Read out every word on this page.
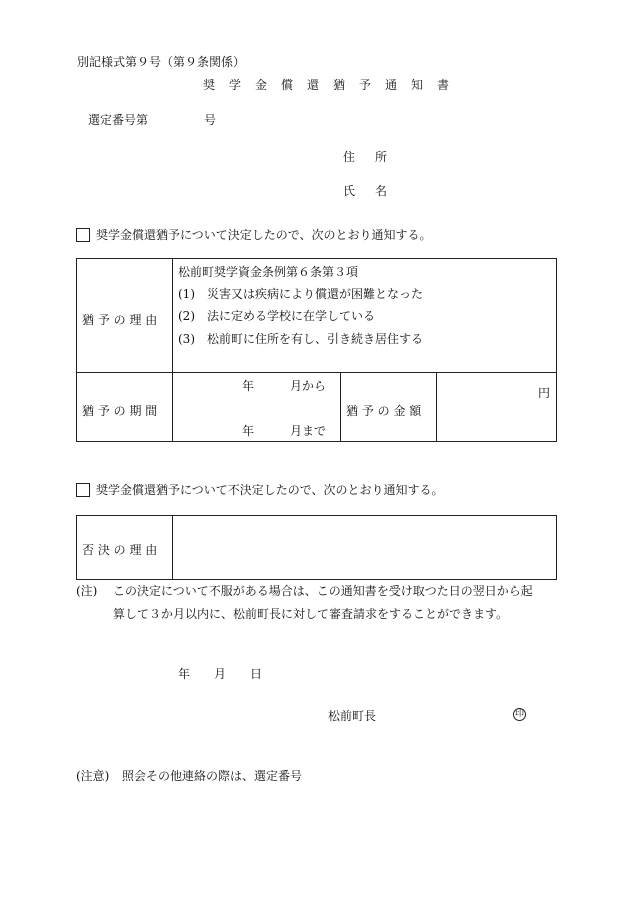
別記様式第９号（第９条関係）
奨学金償還猶予通知書
選定番号第	号
住　所
氏　名
奨学金償還猶予について決定したので、次のとおり通知する。
猶 予 の 理 由
松前町奨学資金条例第６条第３項
(1)　災害又は疾病により償還が困難となった
(2)　法に定める学校に在学している
(3)　松前町に住所を有し、引き続き居住する
猶 予 の 期 間
年　　　月から
年　　　月まで
猶 予 の 金 額
円
奨学金償還猶予について不決定したので、次のとおり通知する。
否 決 の 理 由
(注) この決定について不服がある場合は、この通知書を受け取つた日の翌日から起
算して３か月以内に、松前町長に対して審査請求をすることができます。
年　　月　　日
松前町長	印
(注意) 照会その他連絡の際は、選定番号
